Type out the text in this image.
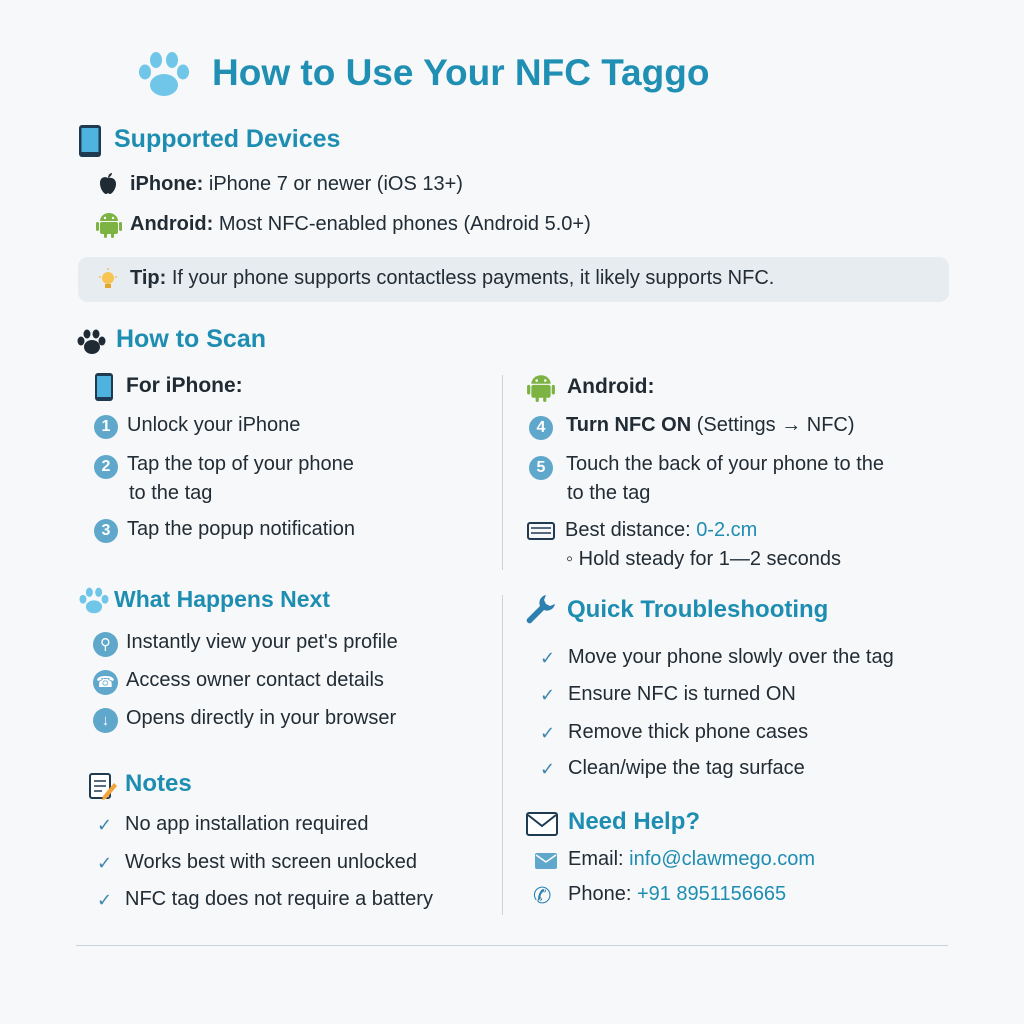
How to Use Your NFC Taggo
Supported Devices
iPhone: iPhone 7 or newer (iOS 13+)
Android: Most NFC-enabled phones (Android 5.0+)
Tip: If your phone supports contactless payments, it likely supports NFC.
How to Scan
For iPhone:
1 Unlock your iPhone
2 Tap the top of your phone
to the tag
3 Tap the popup notification
Android:
4	Turn NFC ON (Settings → NFC)
5	Touch the back of your phone to the
to the tag
Best distance: 0-2.cm
◦ Hold steady for 1—2 seconds
What Happens Next
⚲ Instantly view your pet's profile
☎ Access owner contact details
↓ Opens directly in your browser
Quick Troubleshooting
✓ Move your phone slowly over the tag
✓ Ensure NFC is turned ON
✓ Remove thick phone cases
✓ Clean/wipe the tag surface
Notes
✓ No app installation required
✓ Works best with screen unlocked
✓ NFC tag does not require a battery
Need Help?
Email: info@clawmego.com
✆ Phone: +91 8951156665
